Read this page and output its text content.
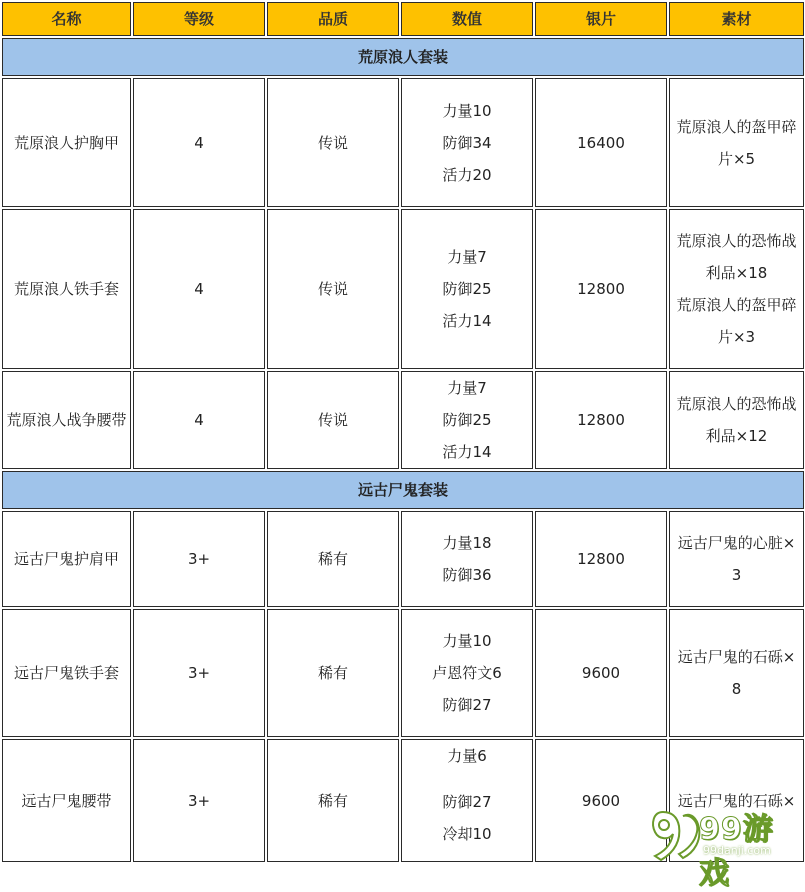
名称	等级	品质	数值	银片	素材
荒原浪人套装					
荒原浪人护胸甲	4	传说	力量10
防御34
活力20	16400	荒原浪人的盔甲碎
片×5

荒原浪人铁手套	4	传说	力量7
防御25
活力14	12800	荒原浪人的恐怖战
利品×18
荒原浪人的盔甲碎
片×3

荒原浪人战争腰带	4	传说	力量7
防御25
活力14	12800	荒原浪人的恐怖战
利品×12

远古尸鬼套装					
远古尸鬼护肩甲	3+	稀有	力量18
防御36	12800	远古尸鬼的心脏×
3

远古尸鬼铁手套	3+	稀有	力量10
卢恩符文6
防御27	9600	远古尸鬼的石砾×
8

远古尸鬼腰带	3+	稀有	力量6
防御27
冷却10	9600	远古尸鬼的石砾×
99游戏
99danji.com
